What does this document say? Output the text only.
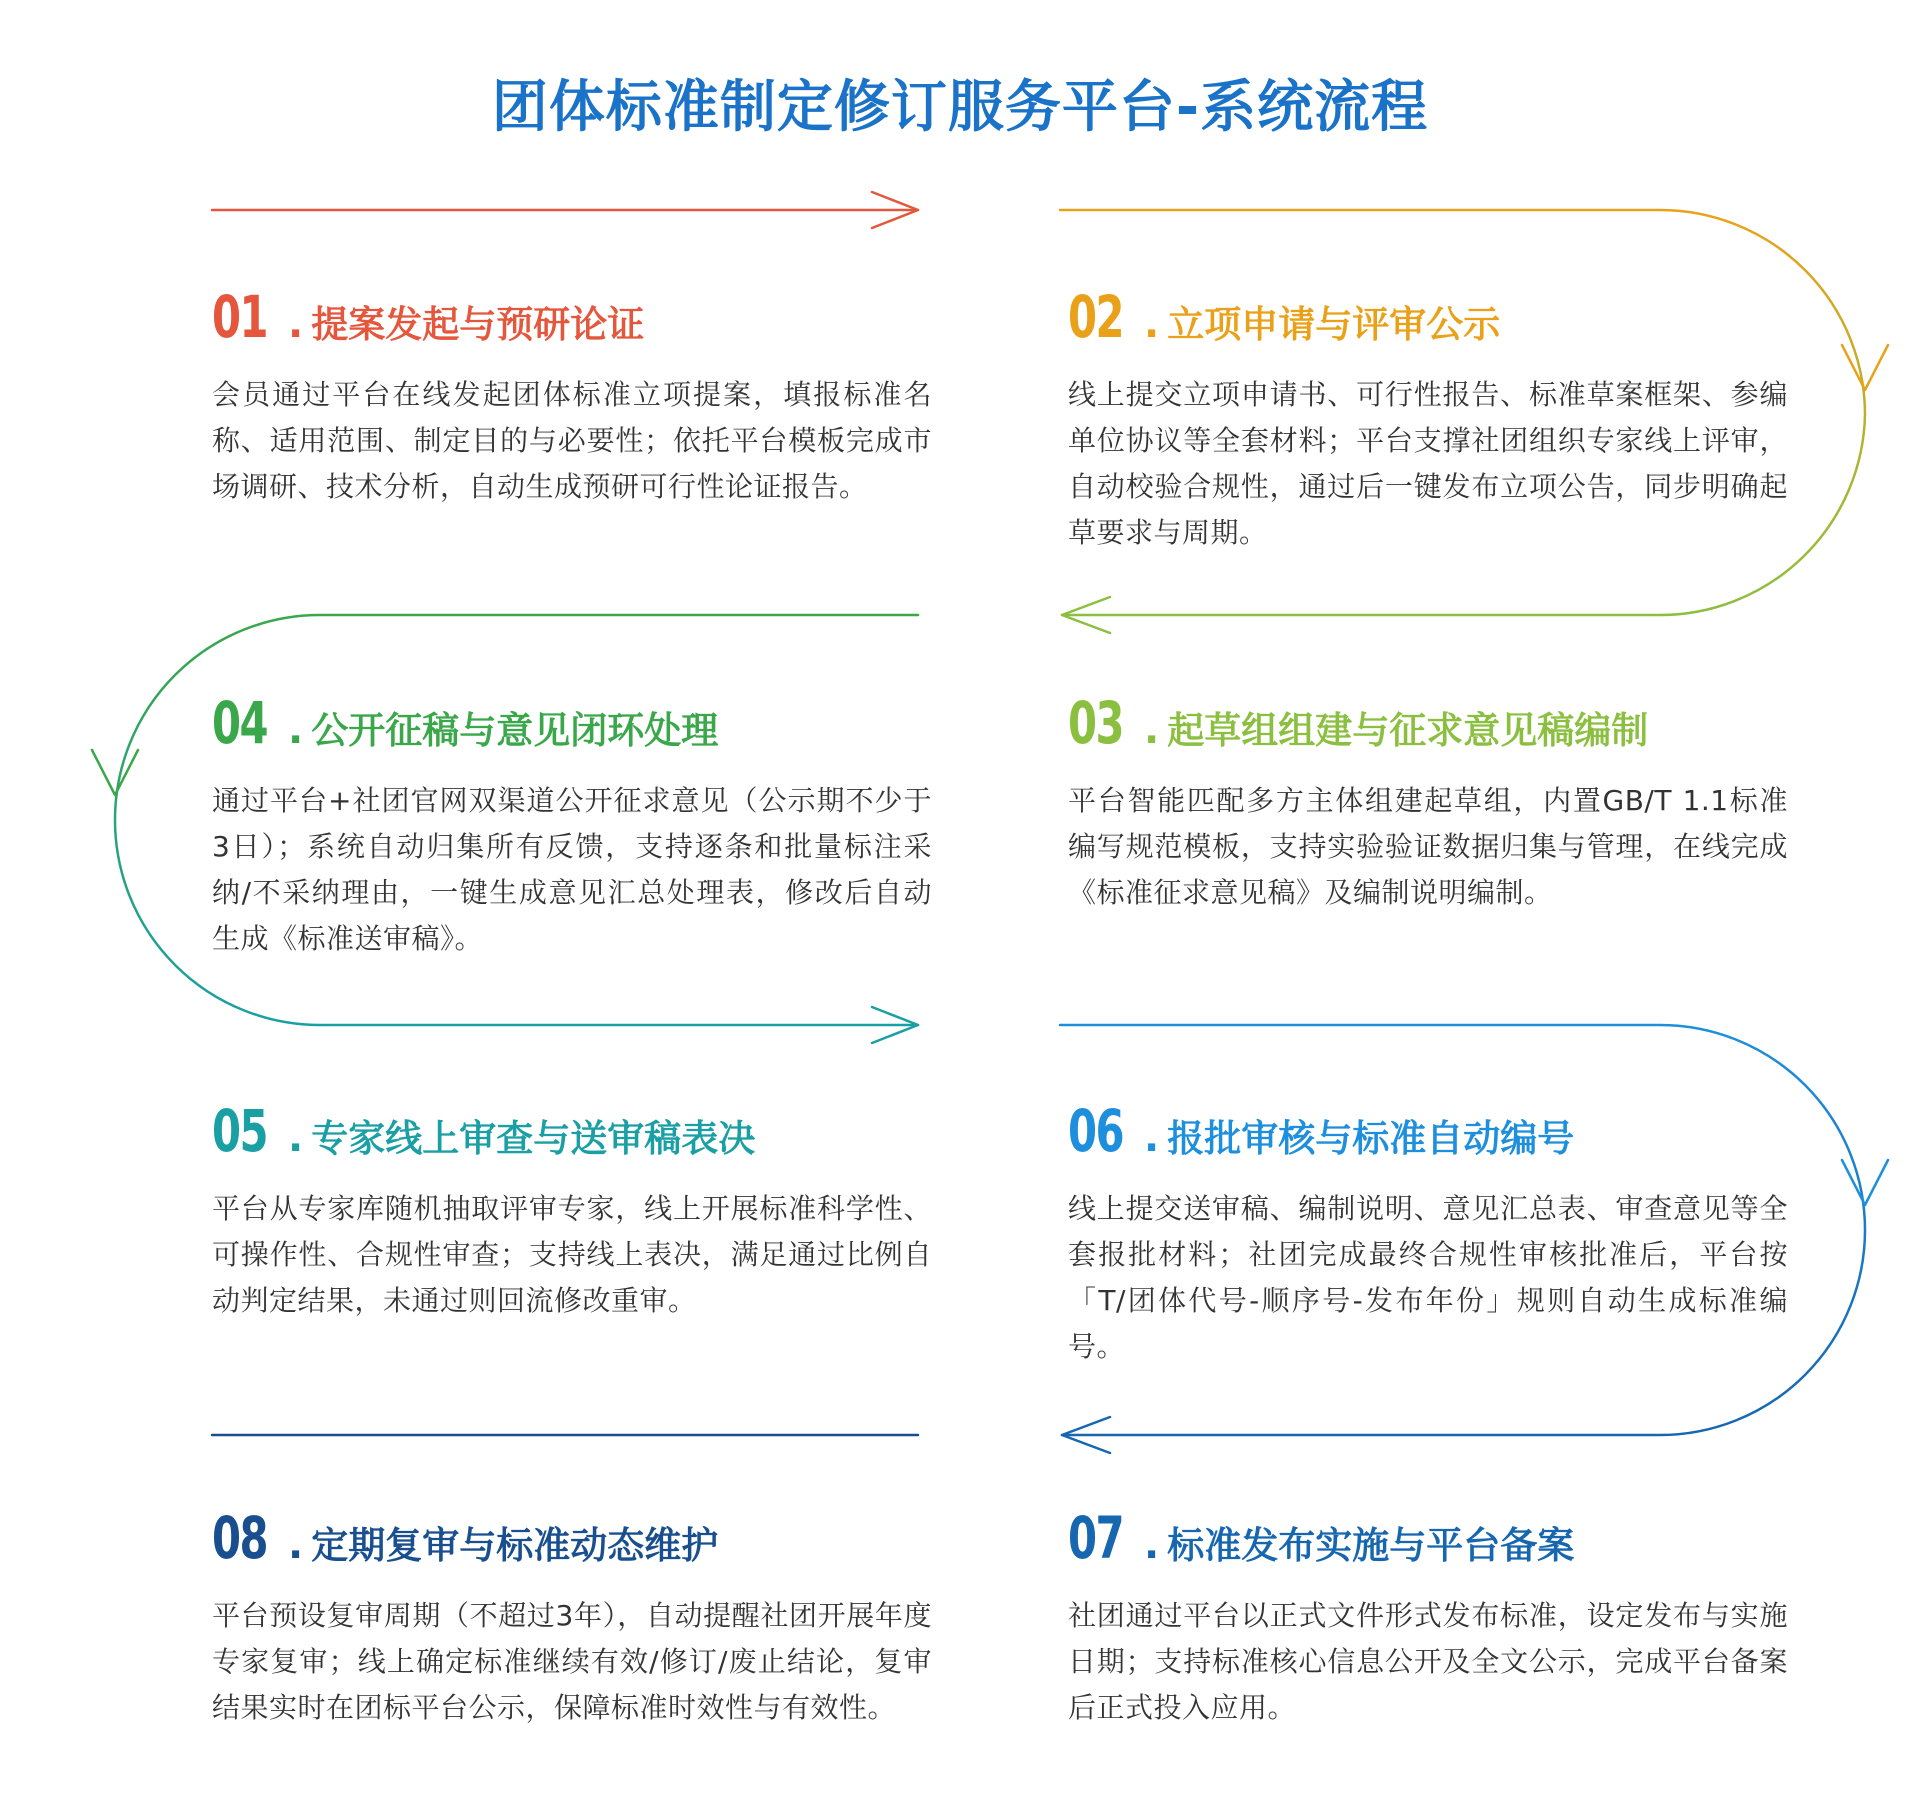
团体标准制定修订服务平台-系统流程
01 . 提案发起与预研论证

会员通过平台在线发起团体标准立项提案，填报标准名称、适用范围、制定目的与必要性；依托平台模板完成市场调研、技术分析，自动生成预研可行性论证报告。

02 . 立项申请与评审公示

线上提交立项申请书、可行性报告、标准草案框架、参编单位协议等全套材料；平台支撑社团组织专家线上评审，自动校验合规性，通过后一键发布立项公告，同步明确起草要求与周期。

04 . 公开征稿与意见闭环处理

通过平台+社团官网双渠道公开征求意见（公示期不少于3日）；系统自动归集所有反馈，支持逐条和批量标注采纳/不采纳理由，一键生成意见汇总处理表，修改后自动生成《标准送审稿》。

03 . 起草组组建与征求意见稿编制

平台智能匹配多方主体组建起草组，内置GB/T 1.1标准编写规范模板，支持实验验证数据归集与管理，在线完成《标准征求意见稿》及编制说明编制。

05 . 专家线上审查与送审稿表决

平台从专家库随机抽取评审专家，线上开展标准科学性、可操作性、合规性审查；支持线上表决，满足通过比例自动判定结果，未通过则回流修改重审。

06 . 报批审核与标准自动编号

线上提交送审稿、编制说明、意见汇总表、审查意见等全套报批材料；社团完成最终合规性审核批准后，平台按「T/团体代号-顺序号-发布年份」规则自动生成标准编号。

08 . 定期复审与标准动态维护

平台预设复审周期（不超过3年），自动提醒社团开展年度专家复审；线上确定标准继续有效/修订/废止结论，复审结果实时在团标平台公示，保障标准时效性与有效性。

07 . 标准发布实施与平台备案

社团通过平台以正式文件形式发布标准，设定发布与实施日期；支持标准核心信息公开及全文公示，完成平台备案后正式投入应用。
